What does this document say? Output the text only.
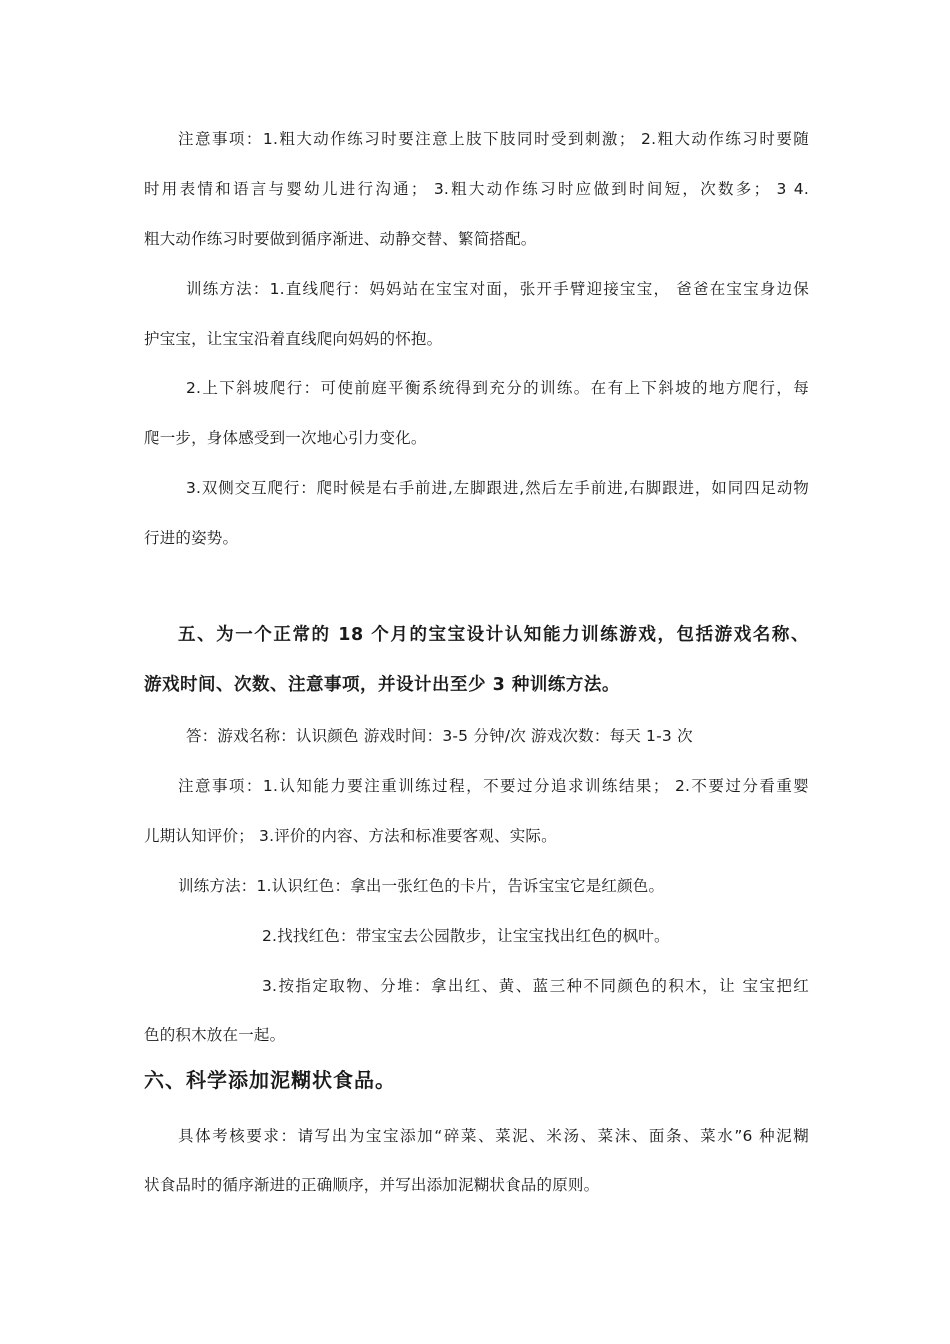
注意事项：1.粗大动作练习时要注意上肢下肢同时受到刺激； 2.粗大动作练习时要随
时用表情和语言与婴幼儿进行沟通； 3.粗大动作练习时应做到时间短，次数多； 3 4.
粗大动作练习时要做到循序渐进、动静交替、繁简搭配。
训练方法：1.直线爬行：妈妈站在宝宝对面，张开手臂迎接宝宝， 爸爸在宝宝身边保
护宝宝，让宝宝沿着直线爬向妈妈的怀抱。
2.上下斜坡爬行：可使前庭平衡系统得到充分的训练。在有上下斜坡的地方爬行，每
爬一步，身体感受到一次地心引力变化。
3.双侧交互爬行：爬时候是右手前进,左脚跟进,然后左手前进,右脚跟进，如同四足动物
行进的姿势。
五、为一个正常的 18 个月的宝宝设计认知能力训练游戏，包括游戏名称、
游戏时间、次数、注意事项，并设计出至少 3 种训练方法。
答：游戏名称：认识颜色 游戏时间：3-5 分钟/次 游戏次数：每天 1-3 次
注意事项：1.认知能力要注重训练过程，不要过分追求训练结果； 2.不要过分看重婴
儿期认知评价； 3.评价的内容、方法和标准要客观、实际。
训练方法：1.认识红色：拿出一张红色的卡片，告诉宝宝它是红颜色。
2.找找红色：带宝宝去公园散步，让宝宝找出红色的枫叶。
3.按指定取物、分堆：拿出红、黄、蓝三种不同颜色的积木，让 宝宝把红
色的积木放在一起。
六、科学添加泥糊状食品。
具体考核要求：请写出为宝宝添加“碎菜、菜泥、米汤、菜沫、面条、菜水”6 种泥糊
状食品时的循序渐进的正确顺序，并写出添加泥糊状食品的原则。
